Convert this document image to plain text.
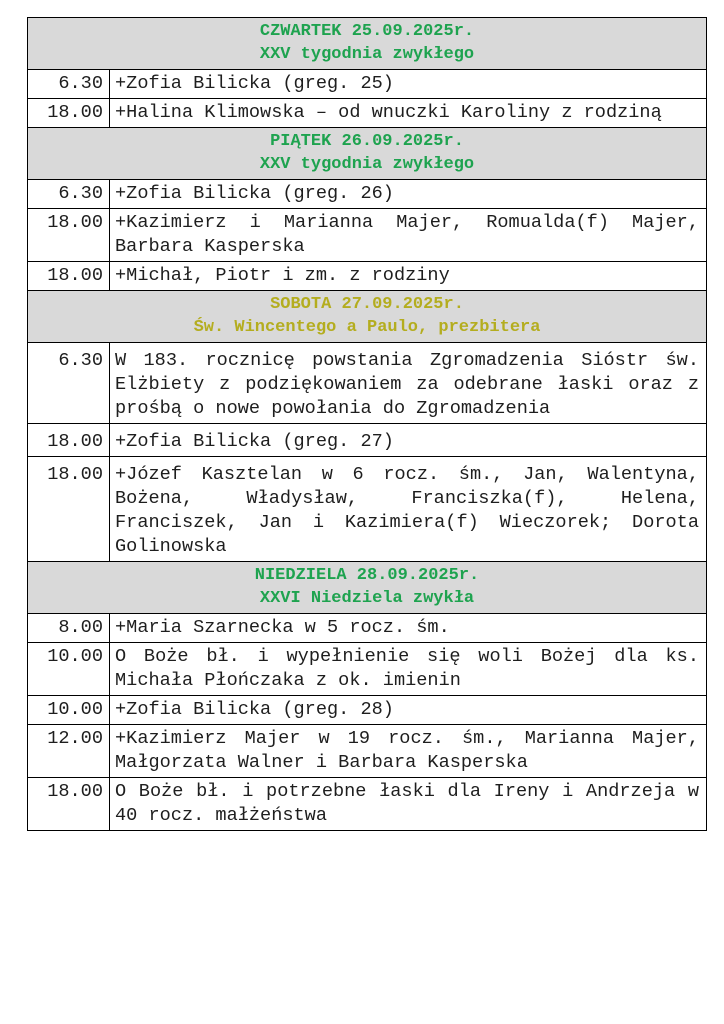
CZWARTEK 25.09.2025r.
XXV tygodnia zwykłego	

6.30	+Zofia Bilicka (greg. 25)
18.00	+Halina Klimowska – od wnuczki Karoliny z rodziną

PIĄTEK 26.09.2025r.
XXV tygodnia zwykłego	

6.30	+Zofia Bilicka (greg. 26)
18.00	+Kazimierz i Marianna Majer, Romualda(f) Majer, Barbara Kasperska
18.00	+Michał, Piotr i zm. z rodziny

SOBOTA 27.09.2025r.
Św. Wincentego a Paulo, prezbitera	

6.30	W 183. rocznicę powstania Zgromadzenia Sióstr św. Elżbiety z podziękowaniem za odebrane łaski oraz z prośbą o nowe powołania do Zgromadzenia
18.00	+Zofia Bilicka (greg. 27)
18.00	+Józef Kasztelan w 6 rocz. śm., Jan, Walentyna, Bożena, Władysław, Franciszka(f), Helena, Franciszek, Jan i Kazimiera(f) Wieczorek; Dorota Golinowska

NIEDZIELA 28.09.2025r.
XXVI Niedziela zwykła	

8.00	+Maria Szarnecka w 5 rocz. śm.
10.00	O Boże bł. i wypełnienie się woli Bożej dla ks. Michała Płończaka z ok. imienin
10.00	+Zofia Bilicka (greg. 28)
12.00	+Kazimierz Majer w 19 rocz. śm., Marianna Majer, Małgorzata Walner i Barbara Kasperska
18.00	O Boże bł. i potrzebne łaski dla Ireny i Andrzeja w 40 rocz. małżeństwa
